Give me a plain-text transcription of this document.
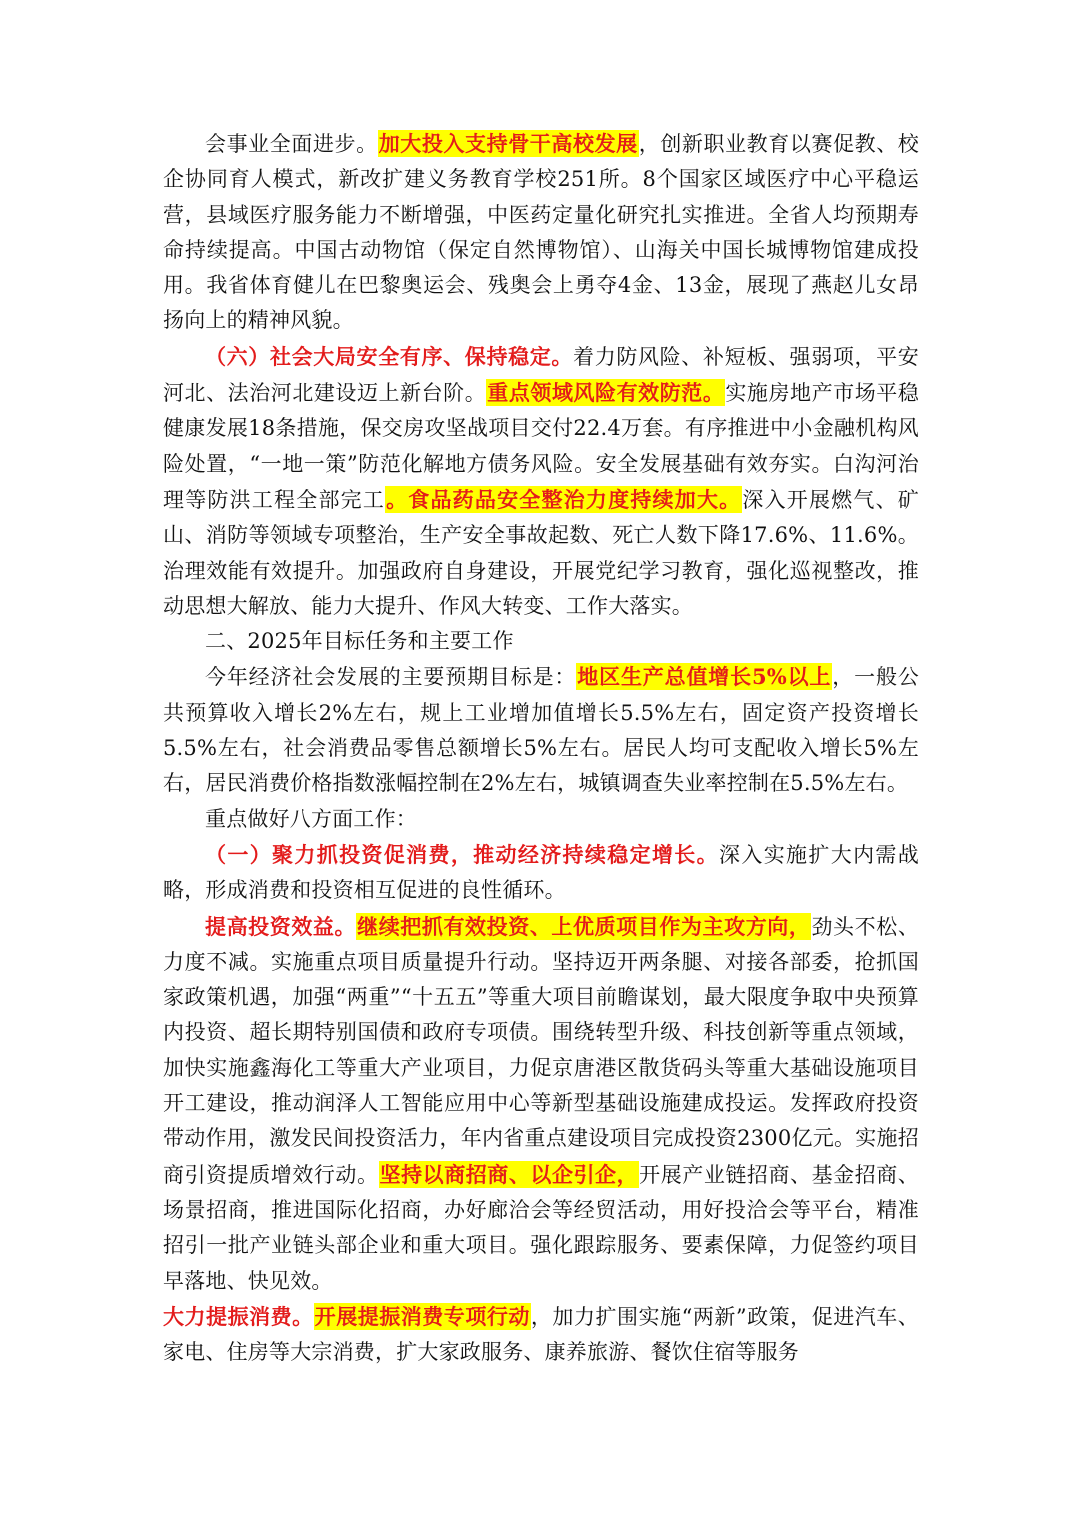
会事业全面进步。加大投入支持骨干高校发展，创新职业教育以赛促教、校企协同育人模式，新改扩建义务教育学校251所。8个国家区域医疗中心平稳运营，县域医疗服务能力不断增强，中医药定量化研究扎实推进。全省人均预期寿命持续提高。中国古动物馆（保定自然博物馆）、山海关中国长城博物馆建成投用。我省体育健儿在巴黎奥运会、残奥会上勇夺4金、13金，展现了燕赵儿女昂扬向上的精神风貌。

（六）社会大局安全有序、保持稳定。着力防风险、补短板、强弱项，平安河北、法治河北建设迈上新台阶。重点领域风险有效防范。实施房地产市场平稳健康发展18条措施，保交房攻坚战项目交付22.4万套。有序推进中小金融机构风险处置，“一地一策”防范化解地方债务风险。安全发展基础有效夯实。白沟河治理等防洪工程全部完工。食品药品安全整治力度持续加大。深入开展燃气、矿山、消防等领域专项整治，生产安全事故起数、死亡人数下降17.6%、11.6%。治理效能有效提升。加强政府自身建设，开展党纪学习教育，强化巡视整改，推动思想大解放、能力大提升、作风大转变、工作大落实。

二、2025年目标任务和主要工作

今年经济社会发展的主要预期目标是：地区生产总值增长5%以上，一般公共预算收入增长2%左右，规上工业增加值增长5.5%左右，固定资产投资增长5.5%左右，社会消费品零售总额增长5%左右。居民人均可支配收入增长5%左右，居民消费价格指数涨幅控制在2%左右，城镇调查失业率控制在5.5%左右。

重点做好八方面工作：

（一）聚力抓投资促消费，推动经济持续稳定增长。深入实施扩大内需战略，形成消费和投资相互促进的良性循环。

提高投资效益。继续把抓有效投资、上优质项目作为主攻方向，劲头不松、力度不减。实施重点项目质量提升行动。坚持迈开两条腿、对接各部委，抢抓国家政策机遇，加强“两重”“十五五”等重大项目前瞻谋划，最大限度争取中央预算内投资、超长期特别国债和政府专项债。围绕转型升级、科技创新等重点领域，加快实施鑫海化工等重大产业项目，力促京唐港区散货码头等重大基础设施项目开工建设，推动润泽人工智能应用中心等新型基础设施建成投运。发挥政府投资带动作用，激发民间投资活力，年内省重点建设项目完成投资2300亿元。实施招商引资提质增效行动。坚持以商招商、以企引企，开展产业链招商、基金招商、场景招商，推进国际化招商，办好廊洽会等经贸活动，用好投洽会等平台，精准招引一批产业链头部企业和重大项目。强化跟踪服务、要素保障，力促签约项目早落地、快见效。

大力提振消费。开展提振消费专项行动，加力扩围实施“两新”政策，促进汽车、家电、住房等大宗消费，扩大家政服务、康养旅游、餐饮住宿等服务
